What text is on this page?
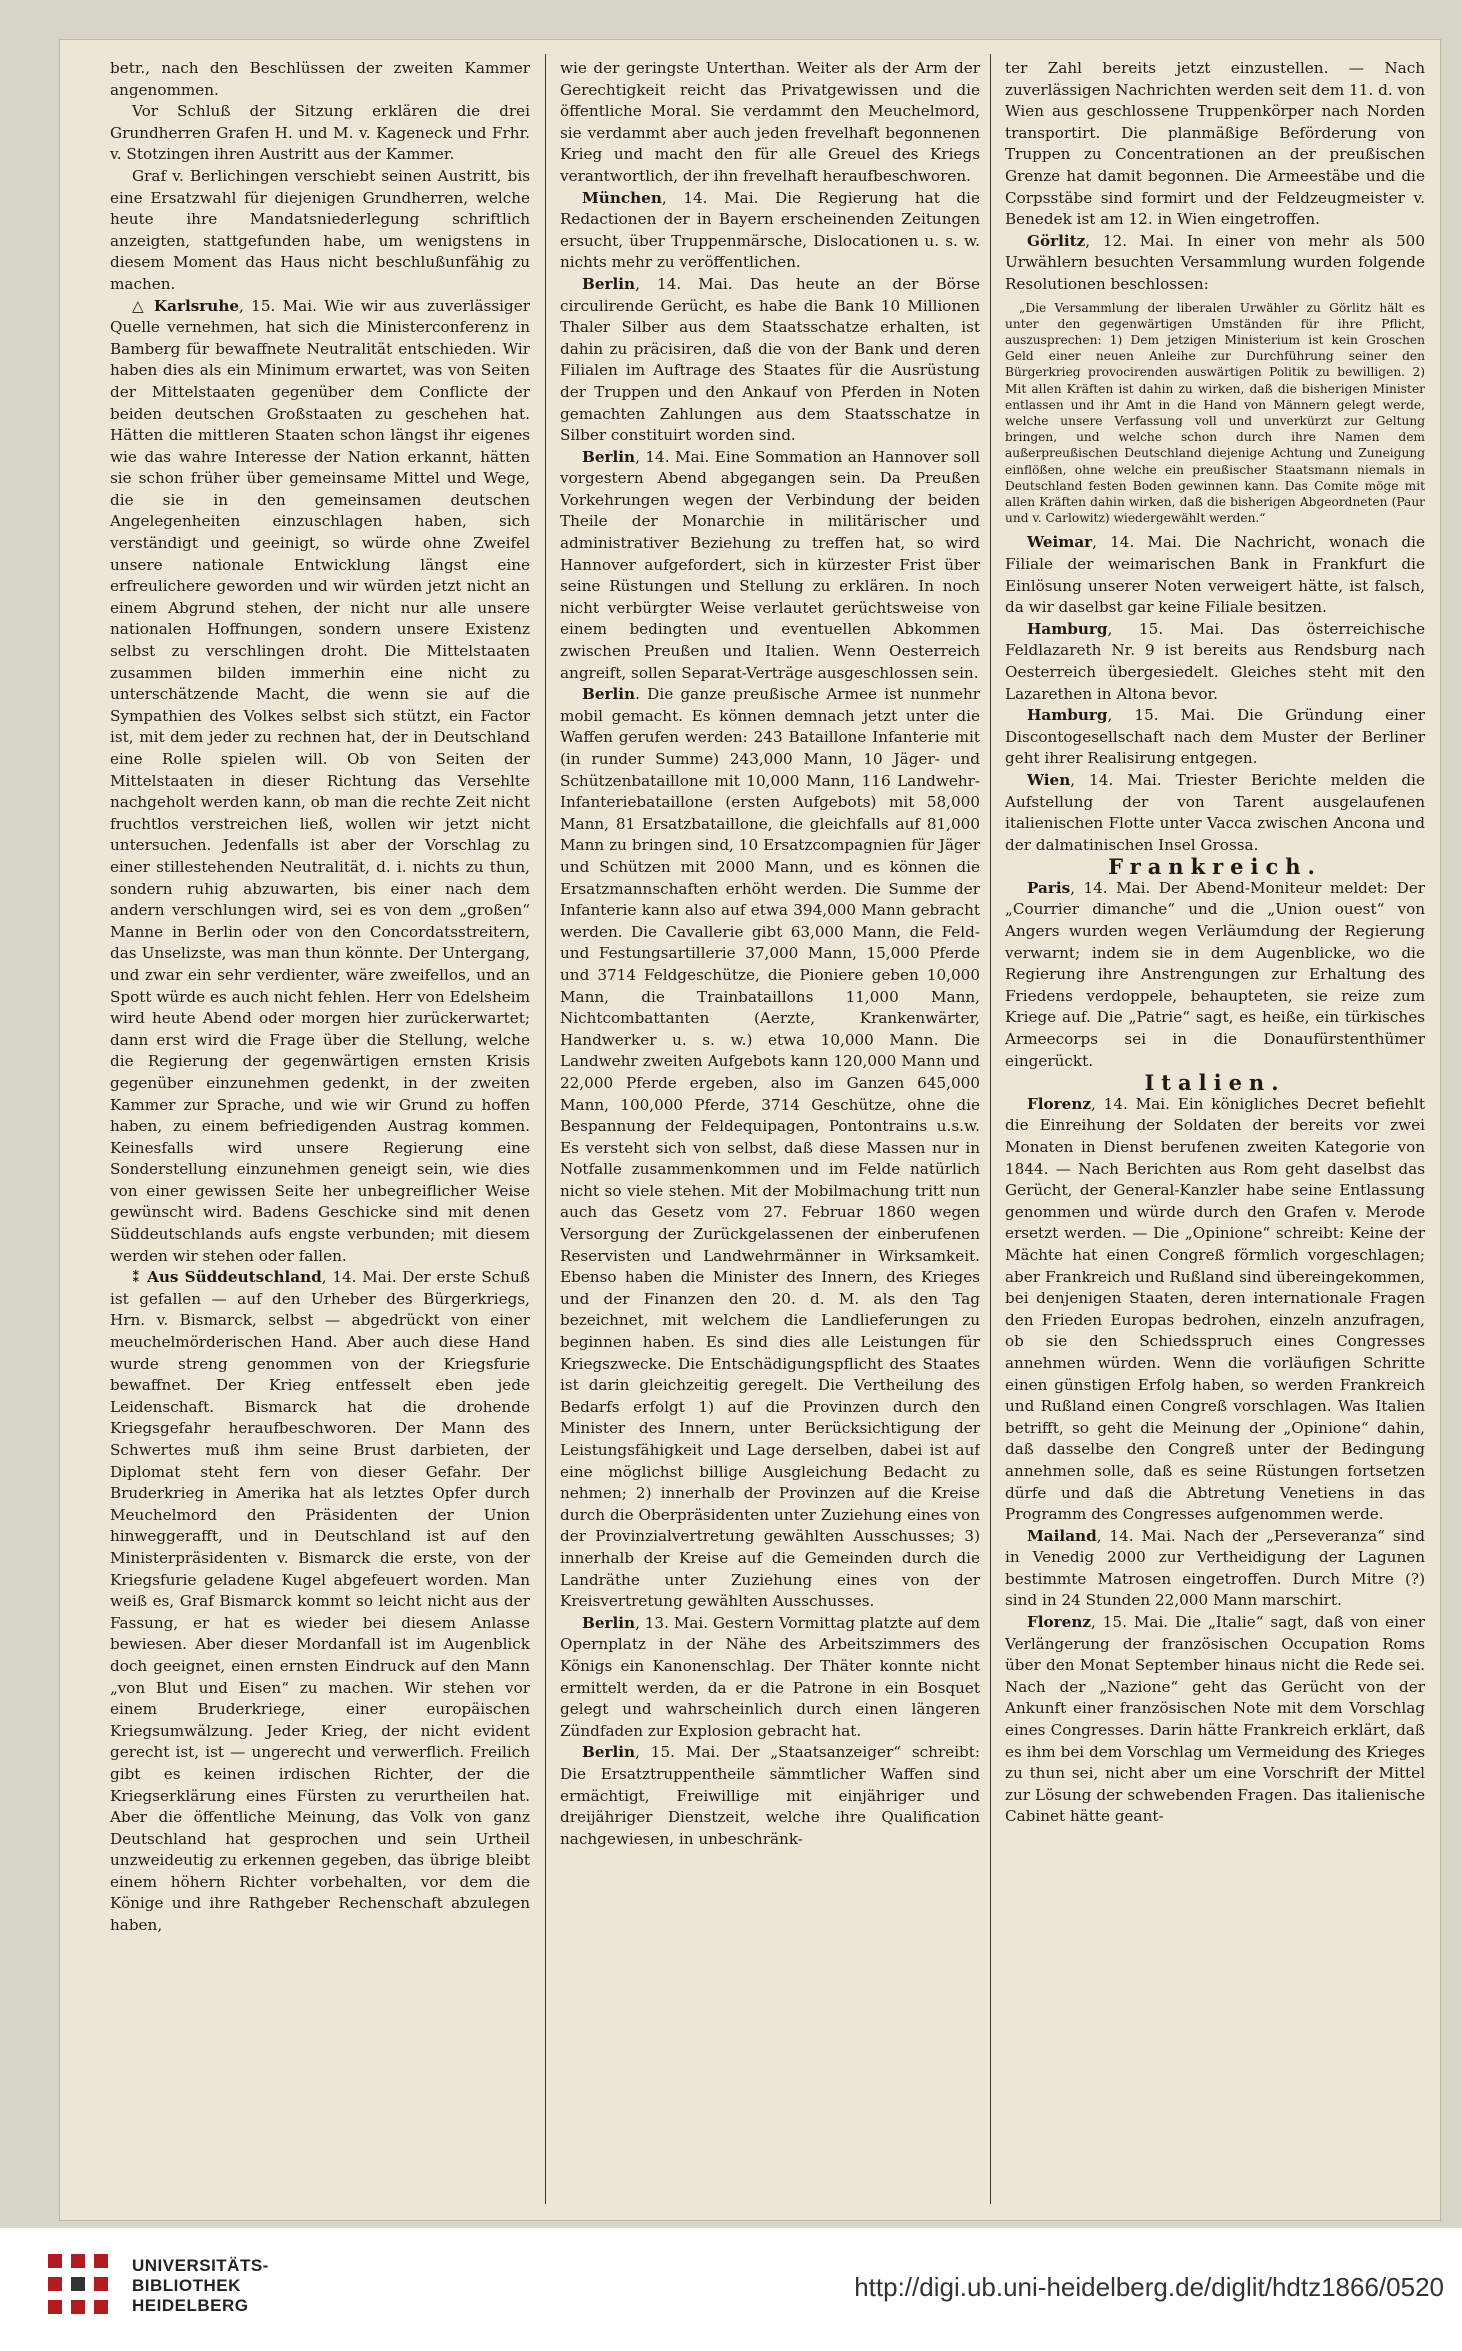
betr., nach den Beschlüssen der zweiten Kammer angenommen.

Vor Schluß der Sitzung erklären die drei Grundherren Grafen H. und M. v. Kageneck und Frhr. v. Stotzingen ihren Austritt aus der Kammer.

Graf v. Berlichingen verschiebt seinen Austritt, bis eine Ersatzwahl für diejenigen Grundherren, welche heute ihre Mandatsniederlegung schriftlich anzeigten, stattgefunden habe, um wenigstens in diesem Moment das Haus nicht beschlußunfähig zu machen.

△ Karlsruhe, 15. Mai. Wie wir aus zuverlässiger Quelle vernehmen, hat sich die Ministerconferenz in Bamberg für bewaffnete Neutralität entschieden. Wir haben dies als ein Minimum erwartet, was von Seiten der Mittelstaaten gegenüber dem Conflicte der beiden deutschen Großstaaten zu geschehen hat. Hätten die mittleren Staaten schon längst ihr eigenes wie das wahre Interesse der Nation erkannt, hätten sie schon früher über gemeinsame Mittel und Wege, die sie in den gemeinsamen deutschen Angelegenheiten einzuschlagen haben, sich verständigt und geeinigt, so würde ohne Zweifel unsere nationale Entwicklung längst eine erfreulichere geworden und wir würden jetzt nicht an einem Abgrund stehen, der nicht nur alle unsere nationalen Hoffnungen, sondern unsere Existenz selbst zu verschlingen droht. Die Mittelstaaten zusammen bilden immerhin eine nicht zu unterschätzende Macht, die wenn sie auf die Sympathien des Volkes selbst sich stützt, ein Factor ist, mit dem jeder zu rechnen hat, der in Deutschland eine Rolle spielen will. Ob von Seiten der Mittelstaaten in dieser Richtung das Versehlte nachgeholt werden kann, ob man die rechte Zeit nicht fruchtlos verstreichen ließ, wollen wir jetzt nicht untersuchen. Jedenfalls ist aber der Vorschlag zu einer stillestehenden Neutralität, d. i. nichts zu thun, sondern ruhig abzuwarten, bis einer nach dem andern verschlungen wird, sei es von dem „großen“ Manne in Berlin oder von den Concordatsstreitern, das Unselizste, was man thun könnte. Der Untergang, und zwar ein sehr verdienter, wäre zweifellos, und an Spott würde es auch nicht fehlen. Herr von Edelsheim wird heute Abend oder morgen hier zurückerwartet; dann erst wird die Frage über die Stellung, welche die Regierung der gegenwärtigen ernsten Krisis gegenüber einzunehmen gedenkt, in der zweiten Kammer zur Sprache, und wie wir Grund zu hoffen haben, zu einem befriedigenden Austrag kommen. Keinesfalls wird unsere Regierung eine Sonderstellung einzunehmen geneigt sein, wie dies von einer gewissen Seite her unbegreiflicher Weise gewünscht wird. Badens Geschicke sind mit denen Süddeutschlands aufs engste verbunden; mit diesem werden wir stehen oder fallen.

⁑ Aus Süddeutschland, 14. Mai. Der erste Schuß ist gefallen — auf den Urheber des Bürgerkriegs, Hrn. v. Bismarck, selbst — abgedrückt von einer meuchelmörderischen Hand. Aber auch diese Hand wurde streng genommen von der Kriegsfurie bewaffnet. Der Krieg entfesselt eben jede Leidenschaft. Bismarck hat die drohende Kriegsgefahr heraufbeschworen. Der Mann des Schwertes muß ihm seine Brust darbieten, der Diplomat steht fern von dieser Gefahr. Der Bruderkrieg in Amerika hat als letztes Opfer durch Meuchelmord den Präsidenten der Union hinweggerafft, und in Deutschland ist auf den Ministerpräsidenten v. Bismarck die erste, von der Kriegsfurie geladene Kugel abgefeuert worden. Man weiß es, Graf Bismarck kommt so leicht nicht aus der Fassung, er hat es wieder bei diesem Anlasse bewiesen. Aber dieser Mordanfall ist im Augenblick doch geeignet, einen ernsten Eindruck auf den Mann „von Blut und Eisen“ zu machen. Wir stehen vor einem Bruderkriege, einer europäischen Kriegsumwälzung. Jeder Krieg, der nicht evident gerecht ist, ist — ungerecht und verwerflich. Freilich gibt es keinen irdischen Richter, der die Kriegserklärung eines Fürsten zu verurtheilen hat. Aber die öffentliche Meinung, das Volk von ganz Deutschland hat gesprochen und sein Urtheil unzweideutig zu erkennen gegeben, das übrige bleibt einem höhern Richter vorbehalten, vor dem die Könige und ihre Rathgeber Rechenschaft abzulegen haben,

wie der geringste Unterthan. Weiter als der Arm der Gerechtigkeit reicht das Privatgewissen und die öffentliche Moral. Sie verdammt den Meuchelmord, sie verdammt aber auch jeden frevelhaft begonnenen Krieg und macht den für alle Greuel des Kriegs verantwortlich, der ihn frevelhaft heraufbeschworen.

München, 14. Mai. Die Regierung hat die Redactionen der in Bayern erscheinenden Zeitungen ersucht, über Truppenmärsche, Dislocationen u. s. w. nichts mehr zu veröffentlichen.

Berlin, 14. Mai. Das heute an der Börse circulirende Gerücht, es habe die Bank 10 Millionen Thaler Silber aus dem Staatsschatze erhalten, ist dahin zu präcisiren, daß die von der Bank und deren Filialen im Auftrage des Staates für die Ausrüstung der Truppen und den Ankauf von Pferden in Noten gemachten Zahlungen aus dem Staatsschatze in Silber constituirt worden sind.

Berlin, 14. Mai. Eine Sommation an Hannover soll vorgestern Abend abgegangen sein. Da Preußen Vorkehrungen wegen der Verbindung der beiden Theile der Monarchie in militärischer und administrativer Beziehung zu treffen hat, so wird Hannover aufgefordert, sich in kürzester Frist über seine Rüstungen und Stellung zu erklären. In noch nicht verbürgter Weise verlautet gerüchtsweise von einem bedingten und eventuellen Abkommen zwischen Preußen und Italien. Wenn Oesterreich angreift, sollen Separat-Verträge ausgeschlossen sein.

Berlin. Die ganze preußische Armee ist nunmehr mobil gemacht. Es können demnach jetzt unter die Waffen gerufen werden: 243 Bataillone Infanterie mit (in runder Summe) 243,000 Mann, 10 Jäger- und Schützenbataillone mit 10,000 Mann, 116 Landwehr-Infanteriebataillone (ersten Aufgebots) mit 58,000 Mann, 81 Ersatzbataillone, die gleichfalls auf 81,000 Mann zu bringen sind, 10 Ersatzcompagnien für Jäger und Schützen mit 2000 Mann, und es können die Ersatzmannschaften erhöht werden. Die Summe der Infanterie kann also auf etwa 394,000 Mann gebracht werden. Die Cavallerie gibt 63,000 Mann, die Feld- und Festungsartillerie 37,000 Mann, 15,000 Pferde und 3714 Feldgeschütze, die Pioniere geben 10,000 Mann, die Trainbataillons 11,000 Mann, Nichtcombattanten (Aerzte, Krankenwärter, Handwerker u. s. w.) etwa 10,000 Mann. Die Landwehr zweiten Aufgebots kann 120,000 Mann und 22,000 Pferde ergeben, also im Ganzen 645,000 Mann, 100,000 Pferde, 3714 Geschütze, ohne die Bespannung der Feldequipagen, Pontontrains u.s.w. Es versteht sich von selbst, daß diese Massen nur in Notfalle zusammenkommen und im Felde natürlich nicht so viele stehen. Mit der Mobilmachung tritt nun auch das Gesetz vom 27. Februar 1860 wegen Versorgung der Zurückgelassenen der einberufenen Reservisten und Landwehrmänner in Wirksamkeit. Ebenso haben die Minister des Innern, des Krieges und der Finanzen den 20. d. M. als den Tag bezeichnet, mit welchem die Landlieferungen zu beginnen haben. Es sind dies alle Leistungen für Kriegszwecke. Die Entschädigungspflicht des Staates ist darin gleichzeitig geregelt. Die Vertheilung des Bedarfs erfolgt 1) auf die Provinzen durch den Minister des Innern, unter Berücksichtigung der Leistungsfähigkeit und Lage derselben, dabei ist auf eine möglichst billige Ausgleichung Bedacht zu nehmen; 2) innerhalb der Provinzen auf die Kreise durch die Oberpräsidenten unter Zuziehung eines von der Provinzialvertretung gewählten Ausschusses; 3) innerhalb der Kreise auf die Gemeinden durch die Landräthe unter Zuziehung eines von der Kreisvertretung gewählten Ausschusses.

Berlin, 13. Mai. Gestern Vormittag platzte auf dem Opernplatz in der Nähe des Arbeitszimmers des Königs ein Kanonenschlag. Der Thäter konnte nicht ermittelt werden, da er die Patrone in ein Bosquet gelegt und wahrscheinlich durch einen längeren Zündfaden zur Explosion gebracht hat.

Berlin, 15. Mai. Der „Staatsanzeiger“ schreibt: Die Ersatztruppentheile sämmtlicher Waffen sind ermächtigt, Freiwillige mit einjähriger und dreijähriger Dienstzeit, welche ihre Qualification nachgewiesen, in unbeschränk-

ter Zahl bereits jetzt einzustellen. — Nach zuverlässigen Nachrichten werden seit dem 11. d. von Wien aus geschlossene Truppenkörper nach Norden transportirt. Die planmäßige Beförderung von Truppen zu Concentrationen an der preußischen Grenze hat damit begonnen. Die Armeestäbe und die Corpsstäbe sind formirt und der Feldzeugmeister v. Benedek ist am 12. in Wien eingetroffen.

Görlitz, 12. Mai. In einer von mehr als 500 Urwählern besuchten Versammlung wurden folgende Resolutionen beschlossen:

„Die Versammlung der liberalen Urwähler zu Görlitz hält es unter den gegenwärtigen Umständen für ihre Pflicht, auszusprechen: 1) Dem jetzigen Ministerium ist kein Groschen Geld einer neuen Anleihe zur Durchführung seiner den Bürgerkrieg provocirenden auswärtigen Politik zu bewilligen. 2) Mit allen Kräften ist dahin zu wirken, daß die bisherigen Minister entlassen und ihr Amt in die Hand von Männern gelegt werde, welche unsere Verfassung voll und unverkürzt zur Geltung bringen, und welche schon durch ihre Namen dem außerpreußischen Deutschland diejenige Achtung und Zuneigung einflößen, ohne welche ein preußischer Staatsmann niemals in Deutschland festen Boden gewinnen kann. Das Comite möge mit allen Kräften dahin wirken, daß die bisherigen Abgeordneten (Paur und v. Carlowitz) wiedergewählt werden.“

Weimar, 14. Mai. Die Nachricht, wonach die Filiale der weimarischen Bank in Frankfurt die Einlösung unserer Noten verweigert hätte, ist falsch, da wir daselbst gar keine Filiale besitzen.

Hamburg, 15. Mai. Das österreichische Feldlazareth Nr. 9 ist bereits aus Rendsburg nach Oesterreich übergesiedelt. Gleiches steht mit den Lazarethen in Altona bevor.

Hamburg, 15. Mai. Die Gründung einer Discontogesellschaft nach dem Muster der Berliner geht ihrer Realisirung entgegen.

Wien, 14. Mai. Triester Berichte melden die Aufstellung der von Tarent ausgelaufenen italienischen Flotte unter Vacca zwischen Ancona und der dalmatinischen Insel Grossa.

Frankreich.

Paris, 14. Mai. Der Abend-Moniteur meldet: Der „Courrier dimanche“ und die „Union ouest“ von Angers wurden wegen Verläumdung der Regierung verwarnt; indem sie in dem Augenblicke, wo die Regierung ihre Anstrengungen zur Erhaltung des Friedens verdoppele, behaupteten, sie reize zum Kriege auf. Die „Patrie“ sagt, es heiße, ein türkisches Armeecorps sei in die Donaufürstenthümer eingerückt.

Italien.

Florenz, 14. Mai. Ein königliches Decret befiehlt die Einreihung der Soldaten der bereits vor zwei Monaten in Dienst berufenen zweiten Kategorie von 1844. — Nach Berichten aus Rom geht daselbst das Gerücht, der General-Kanzler habe seine Entlassung genommen und würde durch den Grafen v. Merode ersetzt werden. — Die „Opinione“ schreibt: Keine der Mächte hat einen Congreß förmlich vorgeschlagen; aber Frankreich und Rußland sind übereingekommen, bei denjenigen Staaten, deren internationale Fragen den Frieden Europas bedrohen, einzeln anzufragen, ob sie den Schiedsspruch eines Congresses annehmen würden. Wenn die vorläufigen Schritte einen günstigen Erfolg haben, so werden Frankreich und Rußland einen Congreß vorschlagen. Was Italien betrifft, so geht die Meinung der „Opinione“ dahin, daß dasselbe den Congreß unter der Bedingung annehmen solle, daß es seine Rüstungen fortsetzen dürfe und daß die Abtretung Venetiens in das Programm des Congresses aufgenommen werde.

Mailand, 14. Mai. Nach der „Perseveranza“ sind in Venedig 2000 zur Vertheidigung der Lagunen bestimmte Matrosen eingetroffen. Durch Mitre (?) sind in 24 Stunden 22,000 Mann marschirt.

Florenz, 15. Mai. Die „Italie“ sagt, daß von einer Verlängerung der französischen Occupation Roms über den Monat September hinaus nicht die Rede sei. Nach der „Nazione“ geht das Gerücht von der Ankunft einer französischen Note mit dem Vorschlag eines Congresses. Darin hätte Frankreich erklärt, daß es ihm bei dem Vorschlag um Vermeidung des Krieges zu thun sei, nicht aber um eine Vorschrift der Mittel zur Lösung der schwebenden Fragen. Das italienische Cabinet hätte geant-

UNIVERSITÄTS-
BIBLIOTHEK
HEIDELBERG
http://digi.ub.uni-heidelberg.de/diglit/hdtz1866/0520
